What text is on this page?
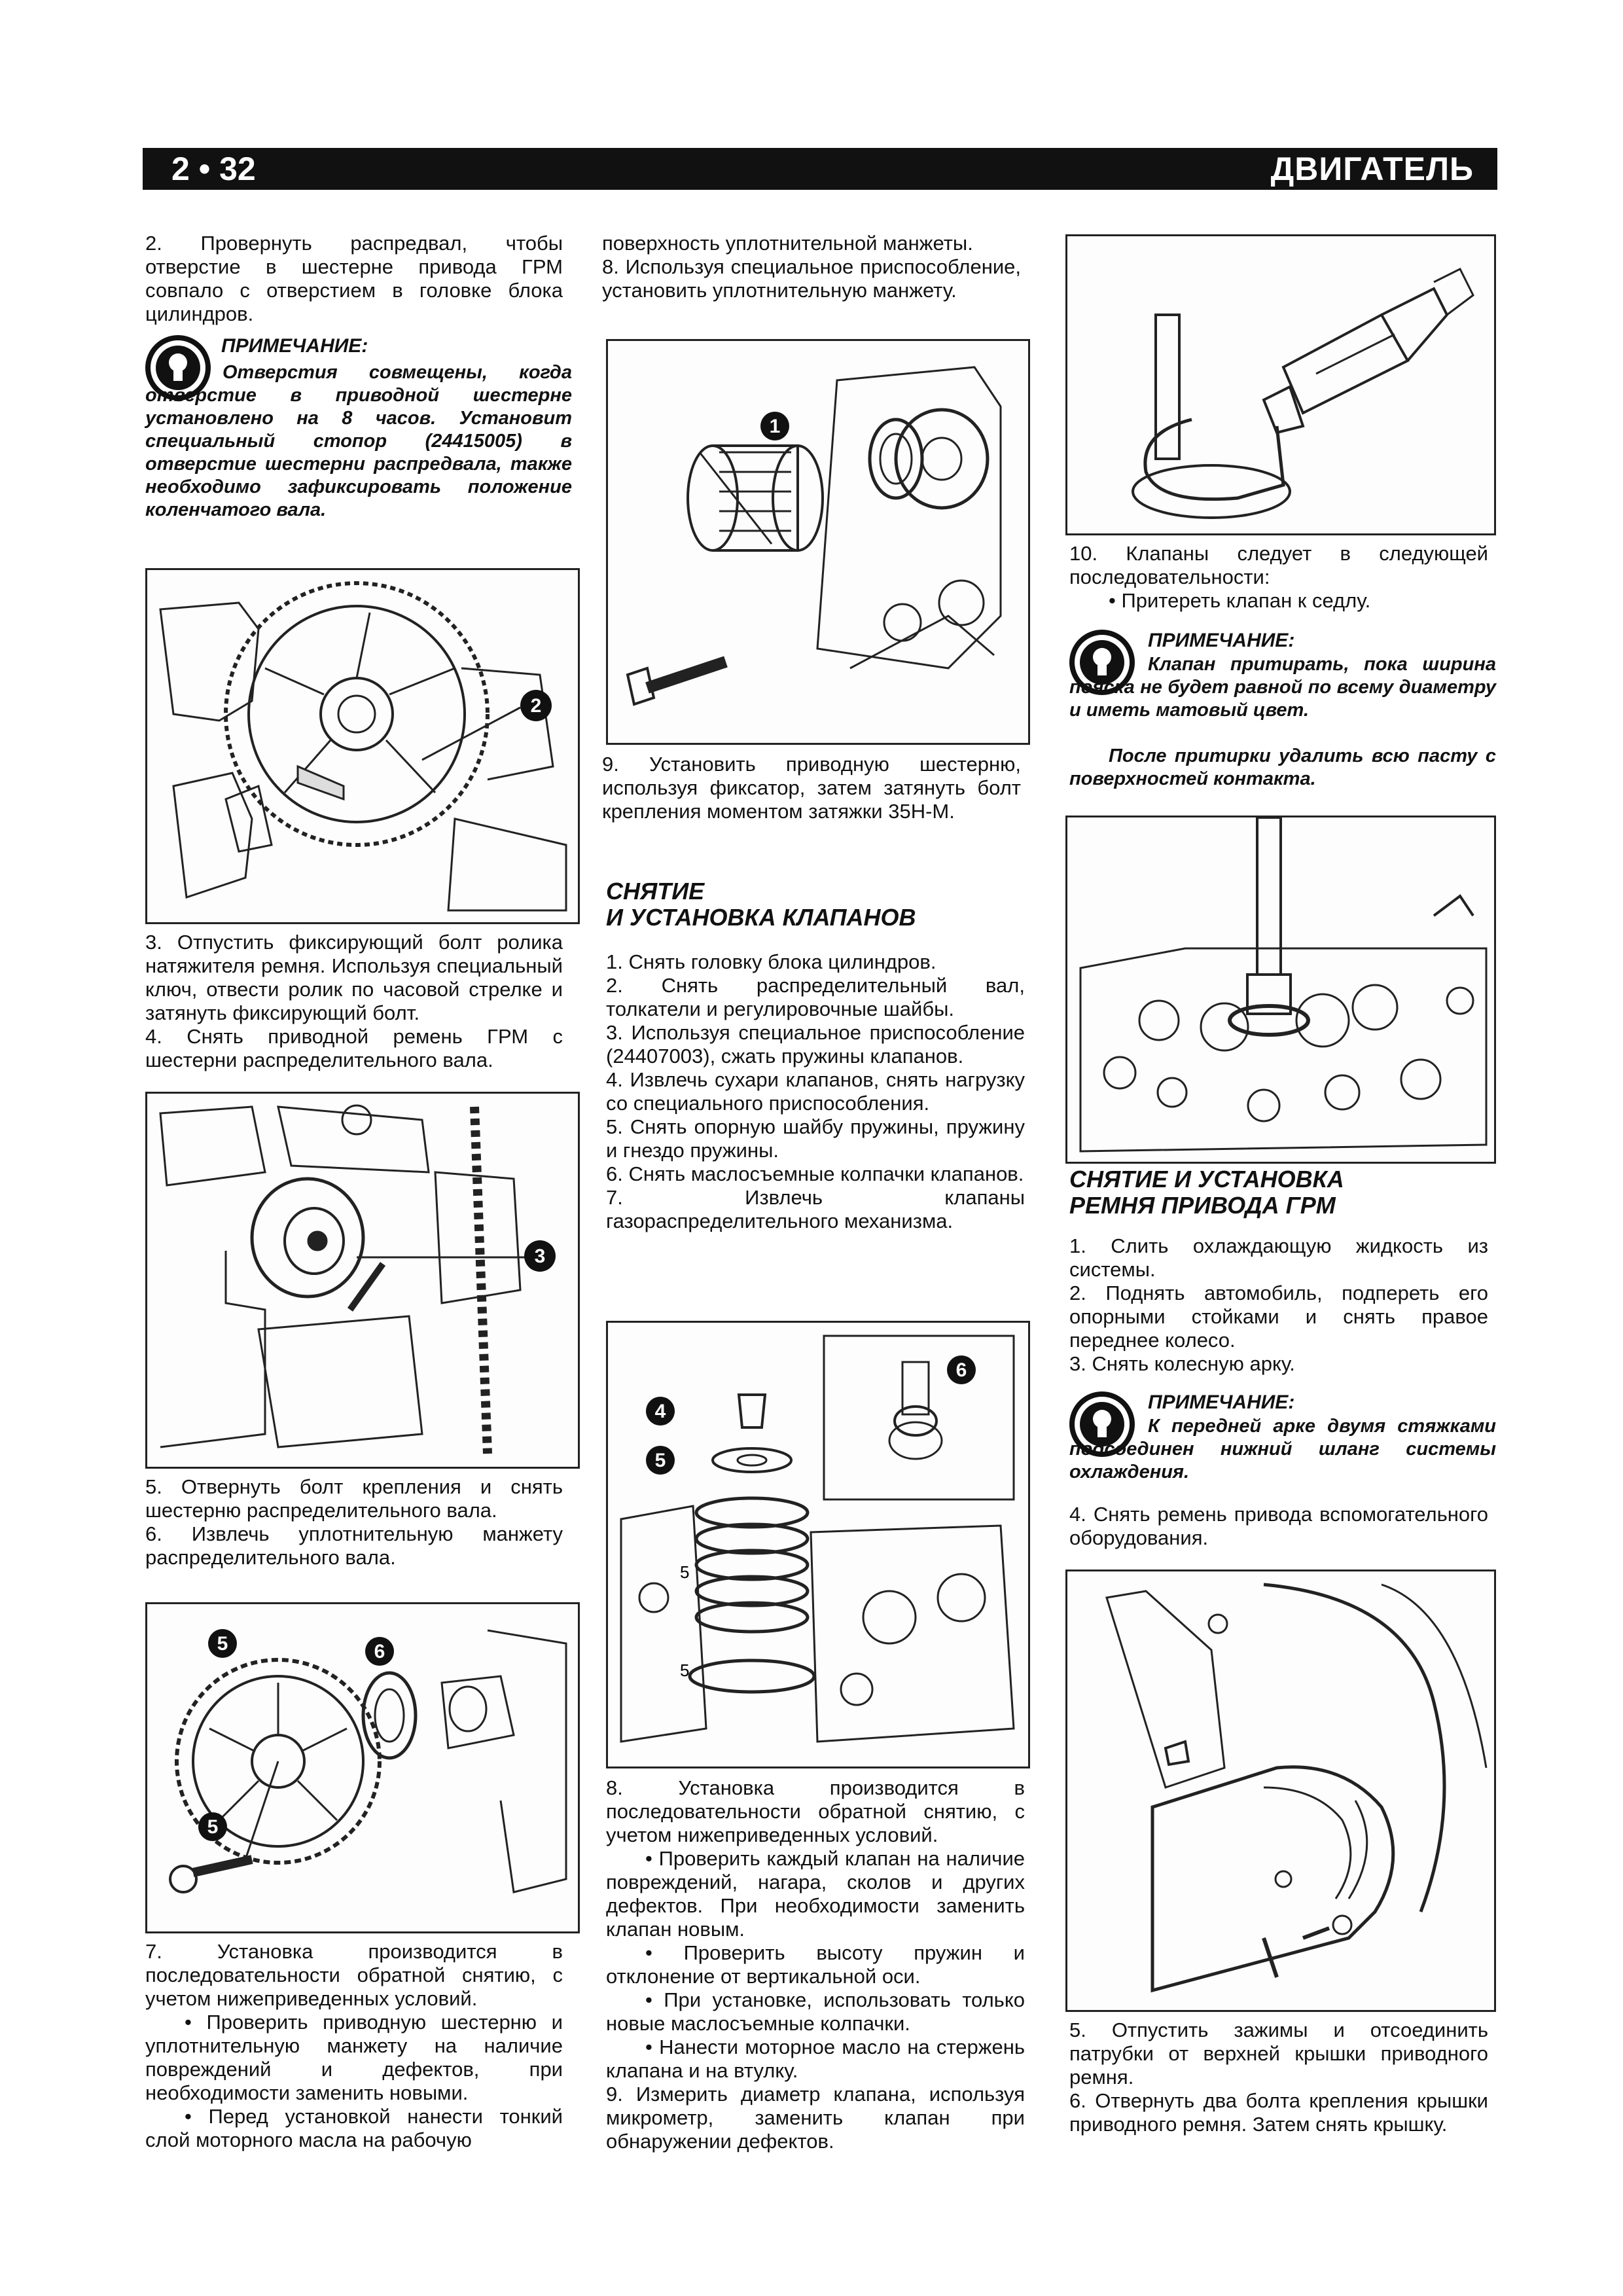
2 • 32	ДВИГАТЕЛЬ

2. Провернуть распредвал, чтобы отверстие в шестерне привода ГРМ совпало с отверстием в головке блока цилиндров.

ПРИМЕЧАНИЕ:

Отверстия совмещены, когда отверстие в приводной шестерне установлено на 8 часов. Установит специальный стопор (24415005) в отверстие шестерни распредвала, также необходимо зафиксировать положение коленчатого вала.

2

3. Отпустить фиксирующий болт ролика натяжителя ремня. Используя специальный ключ, отвести ролик по часовой стрелке и затянуть фиксирующий болт.

4. Снять приводной ремень ГРМ с шестерни распределительного вала.

3

5. Отвернуть болт крепления и снять шестерню распределительного вала.

6. Извлечь уплотнительную манжету распределительного вала.

5	6
5

7. Установка производится в последовательности обратной снятию, с учетом нижеприведенных условий.

• Проверить приводную шестерню и уплотнительную манжету на наличие повреждений и дефектов, при необходимости заменить новыми.

• Перед установкой нанести тонкий слой моторного масла на рабочую

поверхность уплотнительной манжеты.

8. Используя специальное приспособление, установить уплотнительную манжету.

1

9. Установить приводную шестерню, используя фиксатор, затем затянуть болт крепления моментом затяжки 35Н-М.

СНЯТИЕ

И УСТАНОВКА КЛАПАНОВ

1. Снять головку блока цилиндров.

2. Снять распределительный вал, толкатели и регулировочные шайбы.

3. Используя специальное приспособление (24407003), сжать пружины клапанов.

4. Извлечь сухари клапанов, снять нагрузку со специального приспособления.

5. Снять опорную шайбу пружины, пружину и гнездо пружины.

6. Снять маслосъемные колпачки клапанов.

7. Извлечь клапаны газораспределительного механизма.

4
5
6
5
5

8. Установка производится в последовательности обратной снятию, с учетом нижеприведенных условий.

• Проверить каждый клапан на наличие повреждений, нагара, сколов и других дефектов. При необходимости заменить клапан новым.

• Проверить высоту пружин и отклонение от вертикальной оси.

• При установке, использовать только новые маслосъемные колпачки.

• Нанести моторное масло на стержень клапана и на втулку.

9. Измерить диаметр клапана, используя микрометр, заменить клапан при обнаружении дефектов.

10. Клапаны следует в следующей последовательности:

• Притереть клапан к седлу.

ПРИМЕЧАНИЕ:

Клапан притирать, пока ширина пояска не будет равной по всему диаметру и иметь матовый цвет.

После притирки удалить всю пасту с поверхностей контакта.

СНЯТИЕ И УСТАНОВКА

РЕМНЯ ПРИВОДА ГРМ

1. Слить охлаждающую жидкость из системы.

2. Поднять автомобиль, подпереть его опорными стойками и снять правое переднее колесо.

3. Снять колесную арку.

ПРИМЕЧАНИЕ:

К передней арке двумя стяжками подсоединен нижний шланг системы охлаждения.

4. Снять ремень привода вспомогательного оборудования.

5. Отпустить зажимы и отсоединить патрубки от верхней крышки приводного ремня.

6. Отвернуть два болта крепления крышки приводного ремня. Затем снять крышку.
